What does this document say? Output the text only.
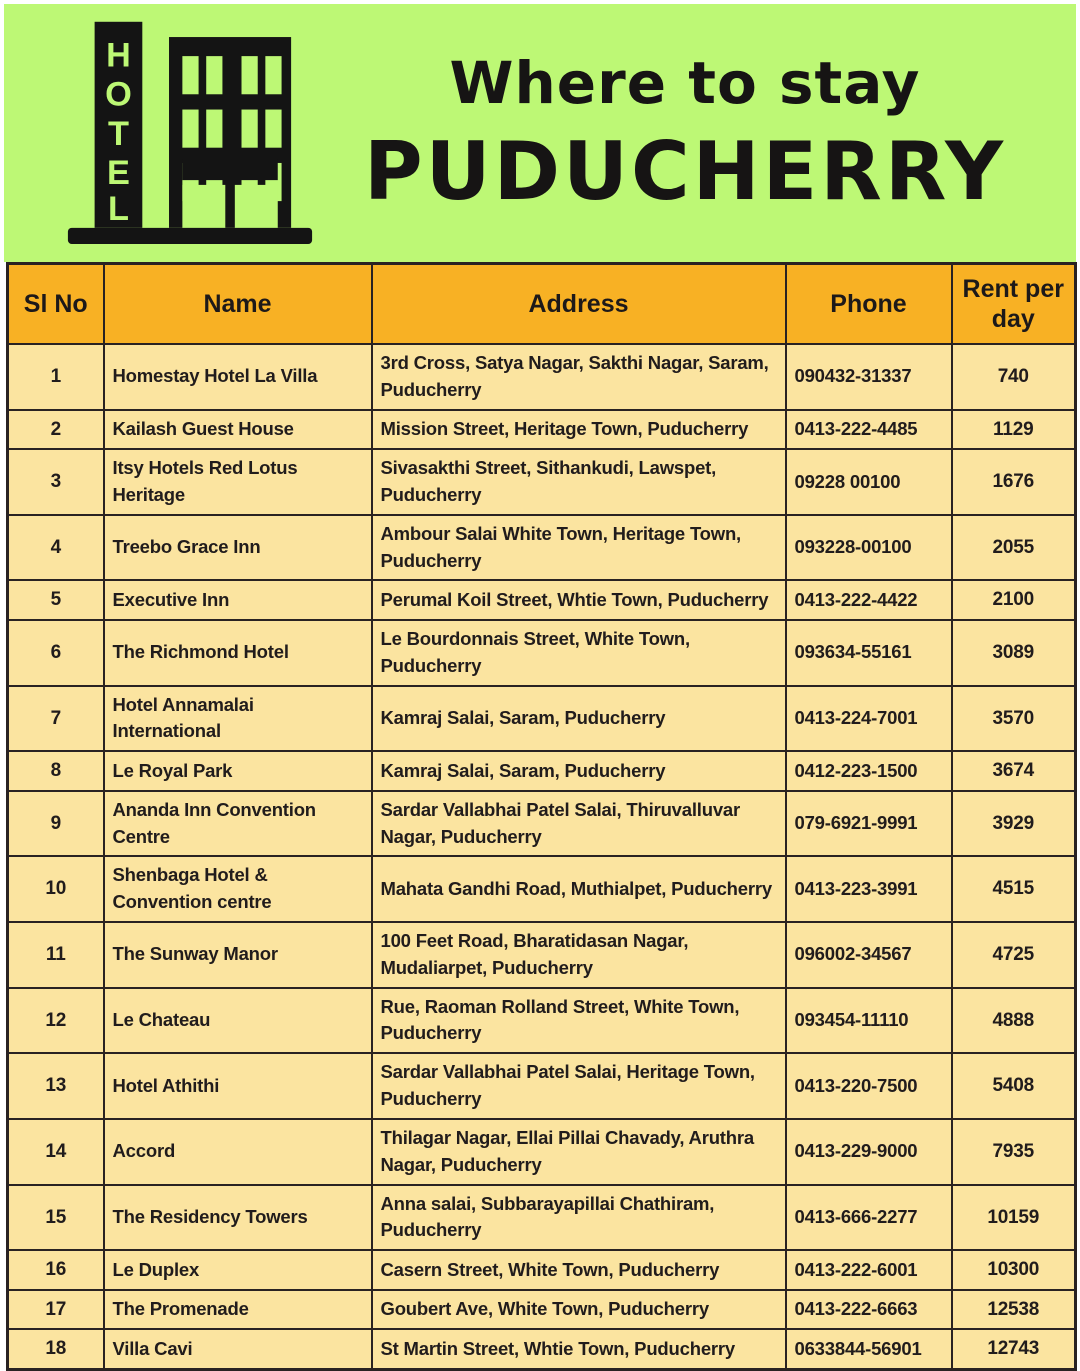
H
O
T
E
L
Where to stay
PUDUCHERRY
Sl No	Name	Address	Phone	Rent per day
1	Homestay Hotel La Villa	3rd Cross, Satya Nagar, Sakthi Nagar, Saram, Puducherry	090432-31337	740
2	Kailash Guest House	Mission Street, Heritage Town, Puducherry	0413-222-4485	1129
3	Itsy Hotels Red Lotus Heritage	Sivasakthi Street, Sithankudi, Lawspet, Puducherry	09228 00100	1676
4	Treebo Grace Inn	Ambour Salai White Town, Heritage Town, Puducherry	093228-00100	2055
5	Executive Inn	Perumal Koil Street, Whtie Town, Puducherry	0413-222-4422	2100
6	The Richmond Hotel	Le Bourdonnais Street, White Town, Puducherry	093634-55161	3089
7	Hotel Annamalai International	Kamraj Salai, Saram, Puducherry	0413-224-7001	3570
8	Le Royal Park	Kamraj Salai, Saram, Puducherry	0412-223-1500	3674
9	Ananda Inn Convention Centre	Sardar Vallabhai Patel Salai, Thiruvalluvar Nagar, Puducherry	079-6921-9991	3929
10	Shenbaga Hotel & Convention centre	Mahata Gandhi Road, Muthialpet, Puducherry	0413-223-3991	4515
11	The Sunway Manor	100 Feet Road, Bharatidasan Nagar, Mudaliarpet, Puducherry	096002-34567	4725
12	Le Chateau	Rue, Raoman Rolland Street, White Town, Puducherry	093454-11110	4888
13	Hotel Athithi	Sardar Vallabhai Patel Salai, Heritage Town, Puducherry	0413-220-7500	5408
14	Accord	Thilagar Nagar, Ellai Pillai Chavady, Aruthra Nagar, Puducherry	0413-229-9000	7935
15	The Residency Towers	Anna salai, Subbarayapillai Chathiram, Puducherry	0413-666-2277	10159
16	Le Duplex	Casern Street, White Town, Puducherry	0413-222-6001	10300
17	The Promenade	Goubert Ave, White Town, Puducherry	0413-222-6663	12538
18	Villa Cavi	St Martin Street, Whtie Town, Puducherry	0633844-56901	12743
